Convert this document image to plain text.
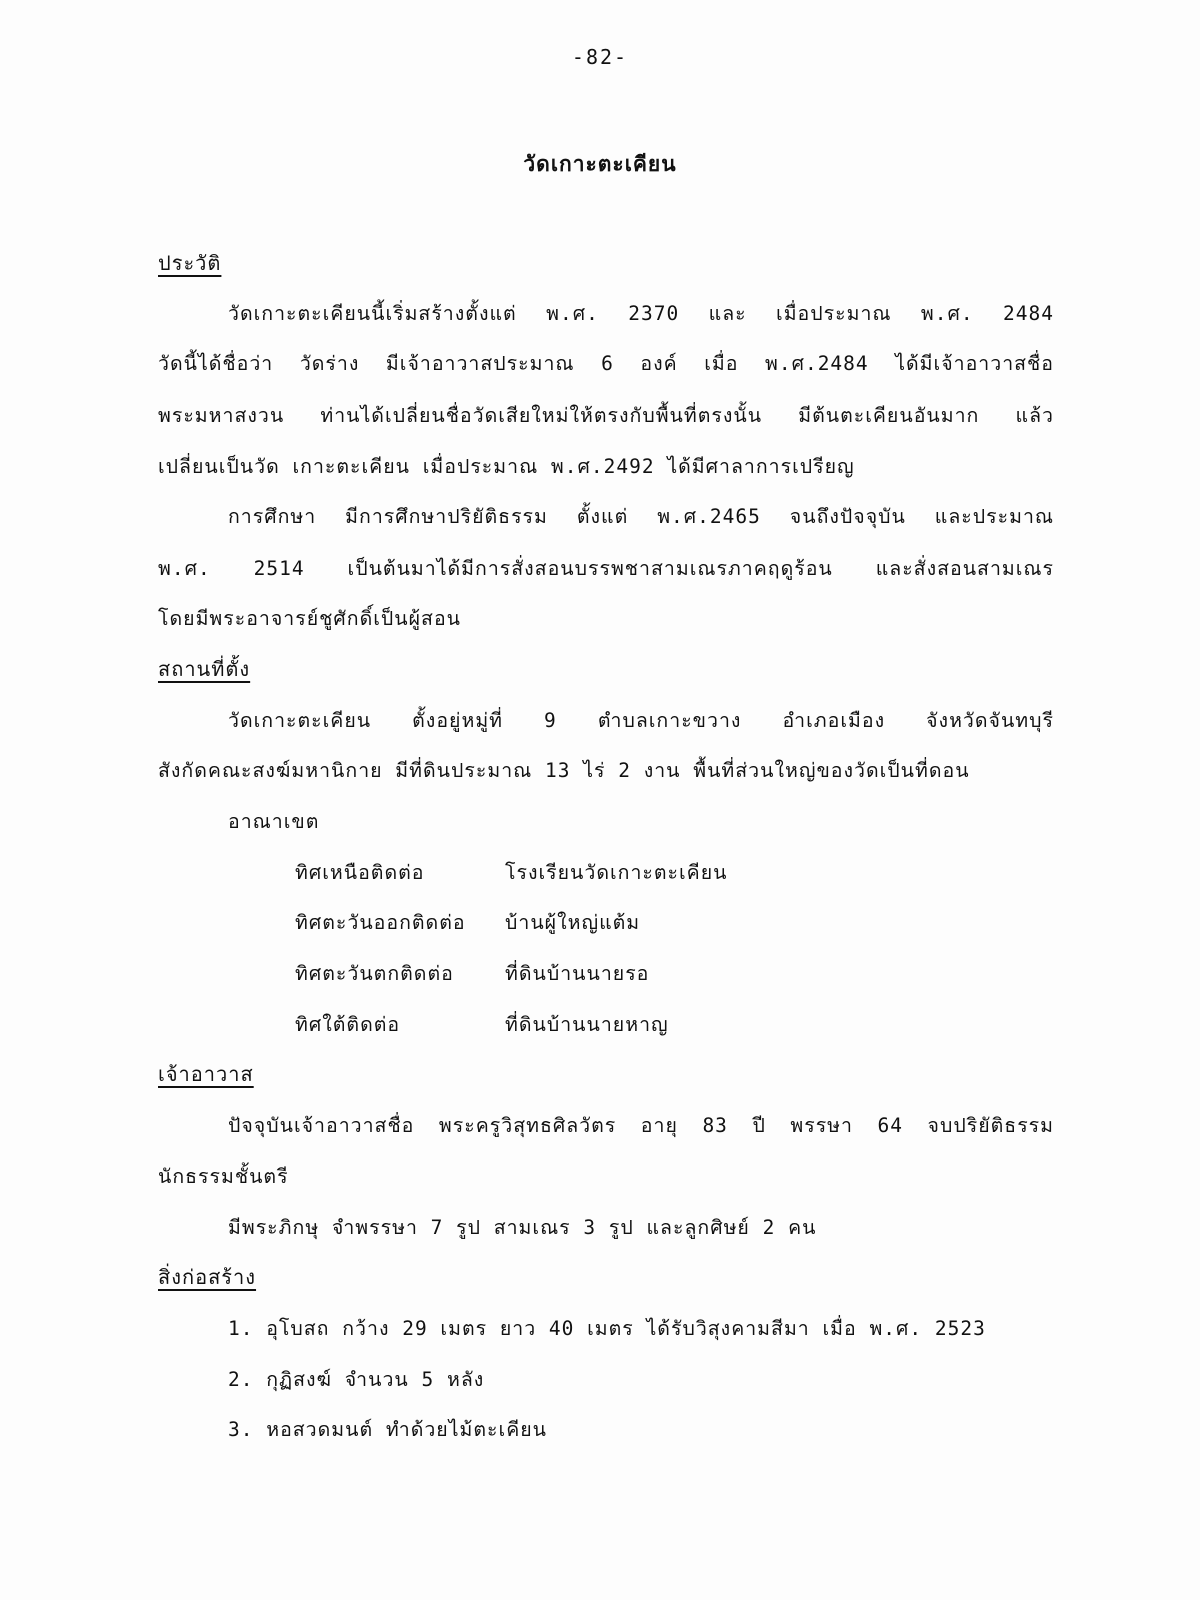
-82-
วัดเกาะตะเคียน
ประวัติ
วัดเกาะตะเคียนนี้เริ่มสร้างตั้งแต่ พ.ศ. 2370 และ เมื่อประมาณ พ.ศ. 2484
วัดนี้ได้ชื่อว่า วัดร่าง มีเจ้าอาวาสประมาณ 6 องค์ เมื่อ พ.ศ.2484 ได้มีเจ้าอาวาสชื่อ
พระมหาสงวน ท่านได้เปลี่ยนชื่อวัดเสียใหม่ให้ตรงกับพื้นที่ตรงนั้น มีต้นตะเคียนอันมาก แล้ว
เปลี่ยนเป็นวัด เกาะตะเคียน เมื่อประมาณ พ.ศ.2492 ได้มีศาลาการเปรียญ
การศึกษา มีการศึกษาปริยัติธรรม ตั้งแต่ พ.ศ.2465 จนถึงปัจจุบัน และประมาณ
พ.ศ. 2514 เป็นต้นมาได้มีการสั่งสอนบรรพชาสามเณรภาคฤดูร้อน และสั่งสอนสามเณร
โดยมีพระอาจารย์ชูศักดิ์เป็นผู้สอน
สถานที่ตั้ง
วัดเกาะตะเคียน ตั้งอยู่หมู่ที่ 9 ตำบลเกาะขวาง อำเภอเมือง จังหวัดจันทบุรี
สังกัดคณะสงฆ์มหานิกาย มีที่ดินประมาณ 13 ไร่ 2 งาน พื้นที่ส่วนใหญ่ของวัดเป็นที่ดอน
อาณาเขต
ทิศเหนือติดต่อ	โรงเรียนวัดเกาะตะเคียน
ทิศตะวันออกติดต่อ บ้านผู้ใหญ่แต้ม
ทิศตะวันตกติดต่อ	ที่ดินบ้านนายรอ
ทิศใต้ติดต่อ	ที่ดินบ้านนายหาญ
เจ้าอาวาส
ปัจจุบันเจ้าอาวาสชื่อ พระครูวิสุทธศิลวัตร อายุ 83 ปี พรรษา 64 จบปริยัติธรรม
นักธรรมชั้นตรี
มีพระภิกษุ จำพรรษา 7 รูป สามเณร 3 รูป และลูกศิษย์ 2 คน
สิ่งก่อสร้าง
1. อุโบสถ กว้าง 29 เมตร ยาว 40 เมตร ได้รับวิสุงคามสีมา เมื่อ พ.ศ. 2523
2. กุฏิสงฆ์ จำนวน 5 หลัง
3. หอสวดมนต์ ทำด้วยไม้ตะเคียน
